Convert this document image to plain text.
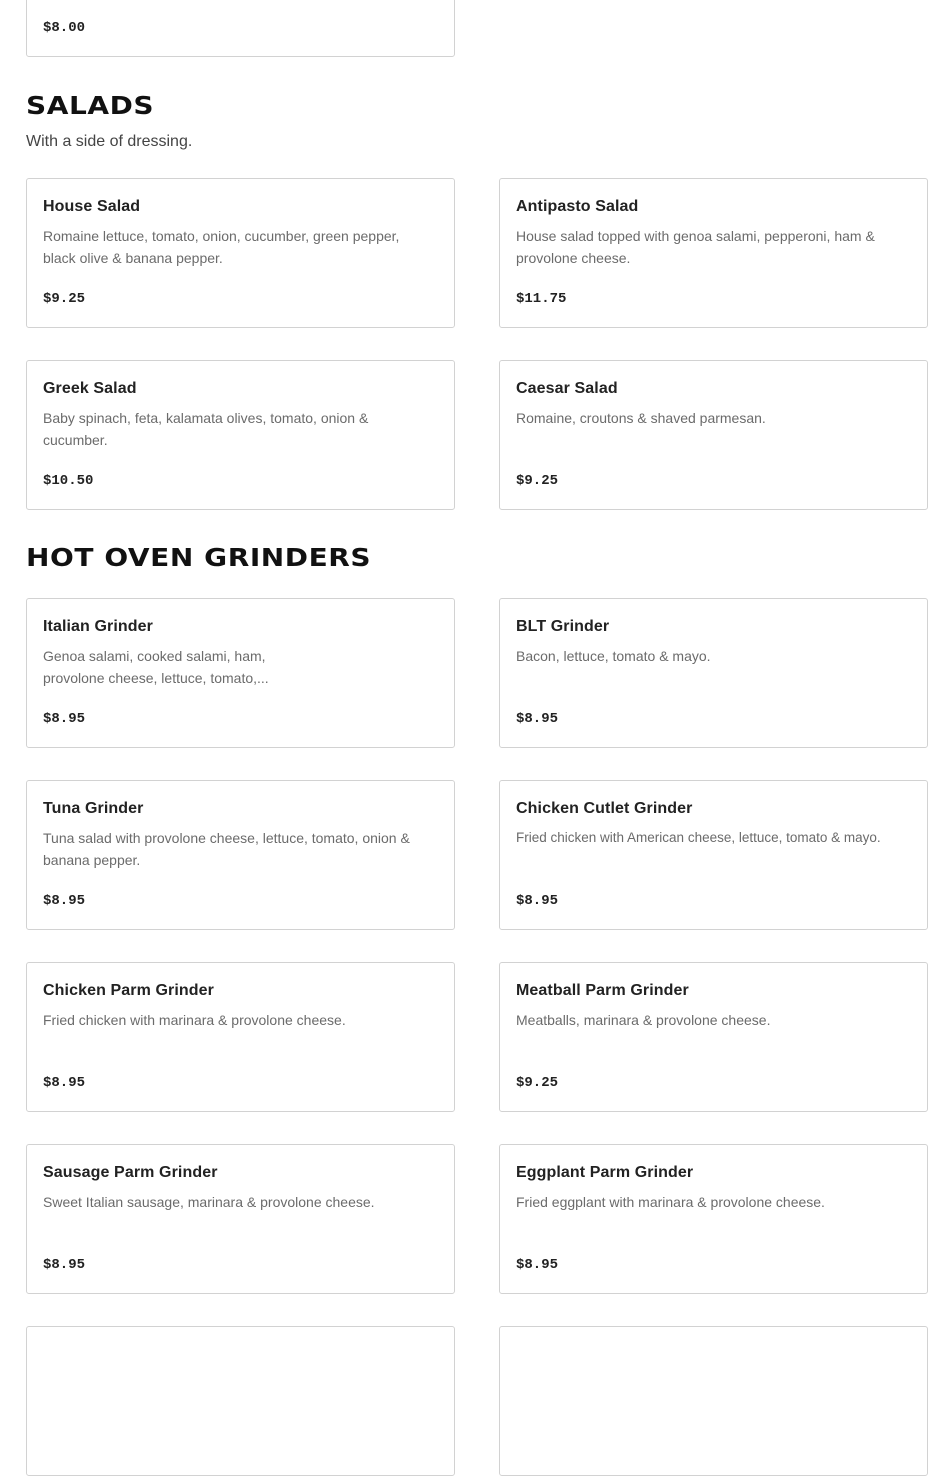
$8.00
SALADS
With a side of dressing.
House Salad
Romaine lettuce, tomato, onion, cucumber, green pepper, black olive & banana pepper.
$9.25
Antipasto Salad
House salad topped with genoa salami, pepperoni, ham & provolone cheese.
$11.75
Greek Salad
Baby spinach, feta, kalamata olives, tomato, onion & cucumber.
$10.50
Caesar Salad
Romaine, croutons & shaved parmesan.
$9.25
HOT OVEN GRINDERS
Italian Grinder
Genoa salami, cooked salami, ham, provolone cheese, lettuce, tomato,...
$8.95
BLT Grinder
Bacon, lettuce, tomato & mayo.
$8.95
Tuna Grinder
Tuna salad with provolone cheese, lettuce, tomato, onion & banana pepper.
$8.95
Chicken Cutlet Grinder
Fried chicken with American cheese, lettuce, tomato & mayo.
$8.95
Chicken Parm Grinder
Fried chicken with marinara & provolone cheese.
$8.95
Meatball Parm Grinder
Meatballs, marinara & provolone cheese.
$9.25
Sausage Parm Grinder
Sweet Italian sausage, marinara & provolone cheese.
$8.95
Eggplant Parm Grinder
Fried eggplant with marinara & provolone cheese.
$8.95
